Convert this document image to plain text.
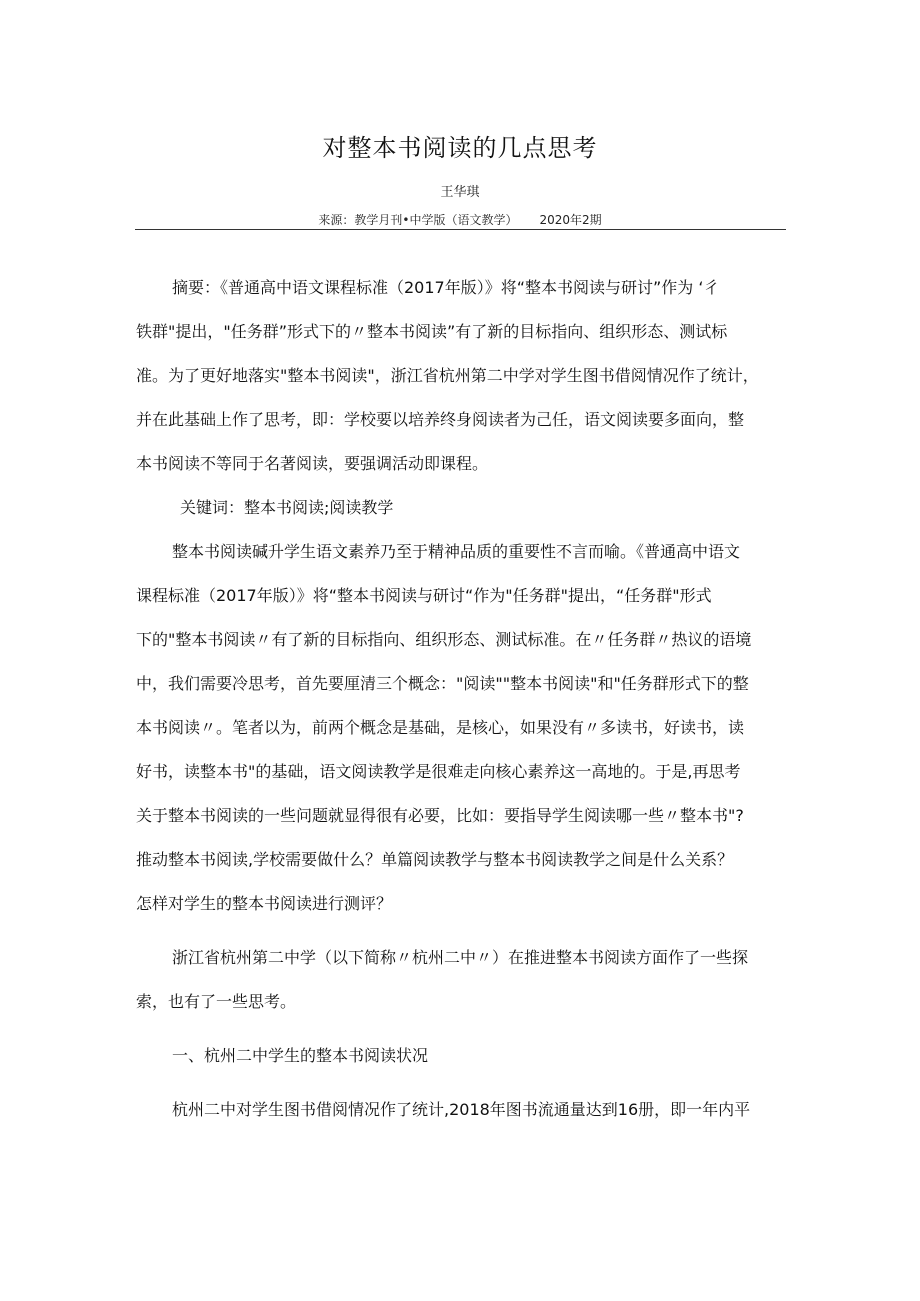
对整本书阅读的几点思考
王华琪
来源：教学月刊•中学版（语文教学） 2020年2期

摘要：《普通高中语文课程标准（2017年版）》将“整本书阅读与研讨”作为 ‘彳

铁群"提出，"任务群”形式下的〃整本书阅读”有了新的目标指向、组织形态、测试标

准。为了更好地落实"整本书阅读"，浙江省杭州第二中学对学生图书借阅情况作了统计，

并在此基础上作了思考，即：学校要以培养终身阅读者为己任，语文阅读要多面向，整

本书阅读不等同于名著阅读，要强调活动即课程。

关键词：整本书阅读;阅读教学

整本书阅读碱升学生语文素养乃至于精神品质的重要性不言而喻。《普通高中语文

课程标准（2017年版）》将“整本书阅读与研讨“作为"任务群"提出，“任务群"形式

下的"整本书阅读〃有了新的目标指向、组织形态、测试标准。在〃任务群〃热议的语境

中，我们需要冷思考，首先要厘清三个概念："阅读""整本书阅读"和"任务群形式下的整

本书阅读〃。笔者以为，前两个概念是基础，是核心，如果没有〃多读书，好读书，读

好书，读整本书"的基础，语文阅读教学是很难走向核心素养这一高地的。于是,再思考

关于整本书阅读的一些问题就显得很有必要，比如：要指导学生阅读哪一些〃整本书"?

推动整本书阅读,学校需要做什么？单篇阅读教学与整本书阅读教学之间是什么关系？

怎样对学生的整本书阅读进行测评？

浙江省杭州第二中学（以下简称〃杭州二中〃）在推进整本书阅读方面作了一些探

索，也有了一些思考。

一、杭州二中学生的整本书阅读状况

杭州二中对学生图书借阅情况作了统计,2018年图书流通量达到16册，即一年内平
